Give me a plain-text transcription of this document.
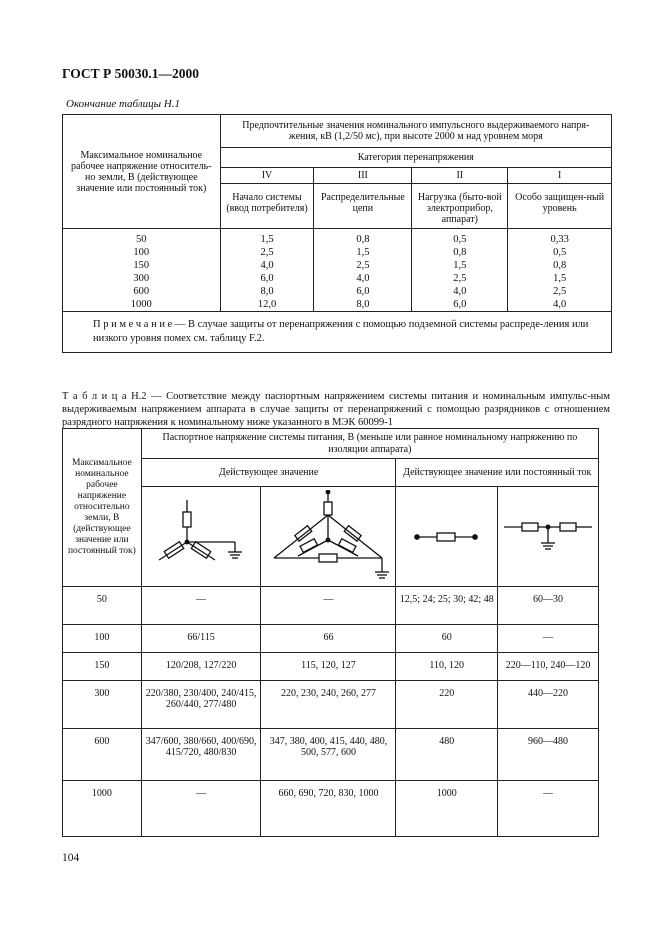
ГОСТ Р 50030.1—2000
Окончание таблицы Н.1
Максимальное номинальное рабочее напряжение относитель-но земли, В (действующее значение или постоянный ток)	Предпочтительные значения номинального импульсного выдерживаемого напря-жения, кВ (1,2/50 мс), при высоте 2000 м над уровнем моря			
	Категория перенапряжения			
	IV	III	II	I
	Начало системы (ввод потребителя)	Распределительные цепи	Нагрузка (быто-вой электроприбор, аппарат)	Особо защищен-ный уровень
50	1,5	0,8	0,5	0,33
100	2,5	1,5	0,8	0,5
150	4,0	2,5	1,5	0,8
300	6,0	4,0	2,5	1,5
600	8,0	6,0	4,0	2,5
1000	12,0	8,0	6,0	4,0
П р и м е ч а н и е — В случае защиты от перенапряжения с помощью подземной системы распреде-ления или низкого уровня помех см. таблицу F.2.				
Т а б л и ц а Н.2 — Соответствие между паспортным напряжением системы питания и номинальным импульс-ным выдерживаемым напряжением аппарата в случае защиты от перенапряжений с помощью разрядников с отношением разрядного напряжения к номинальному ниже указанного в МЭК 60099-1
Максимальное номинальное рабочее напряжение относительно земли, В (действующее значение или постоянный ток)	Паспортное напряжение системы питания, В (меньше или равное номинальному напряжению по изоляции аппарата)			
	Действующее значение		Действующее значение или постоянный ток	

50	—	—	12,5; 24; 25; 30; 42; 48	60—30
100	66/115	66	60	—
150	120/208, 127/220	115, 120, 127	110, 120	220—110, 240—120
300	220/380, 230/400, 240/415, 260/440, 277/480	220, 230, 240, 260, 277	220	440—220
600	347/600, 380/660, 400/690, 415/720, 480/830	347, 380, 400, 415, 440, 480, 500, 577, 600	480	960—480
1000	—	660, 690, 720, 830, 1000	1000	—
104
